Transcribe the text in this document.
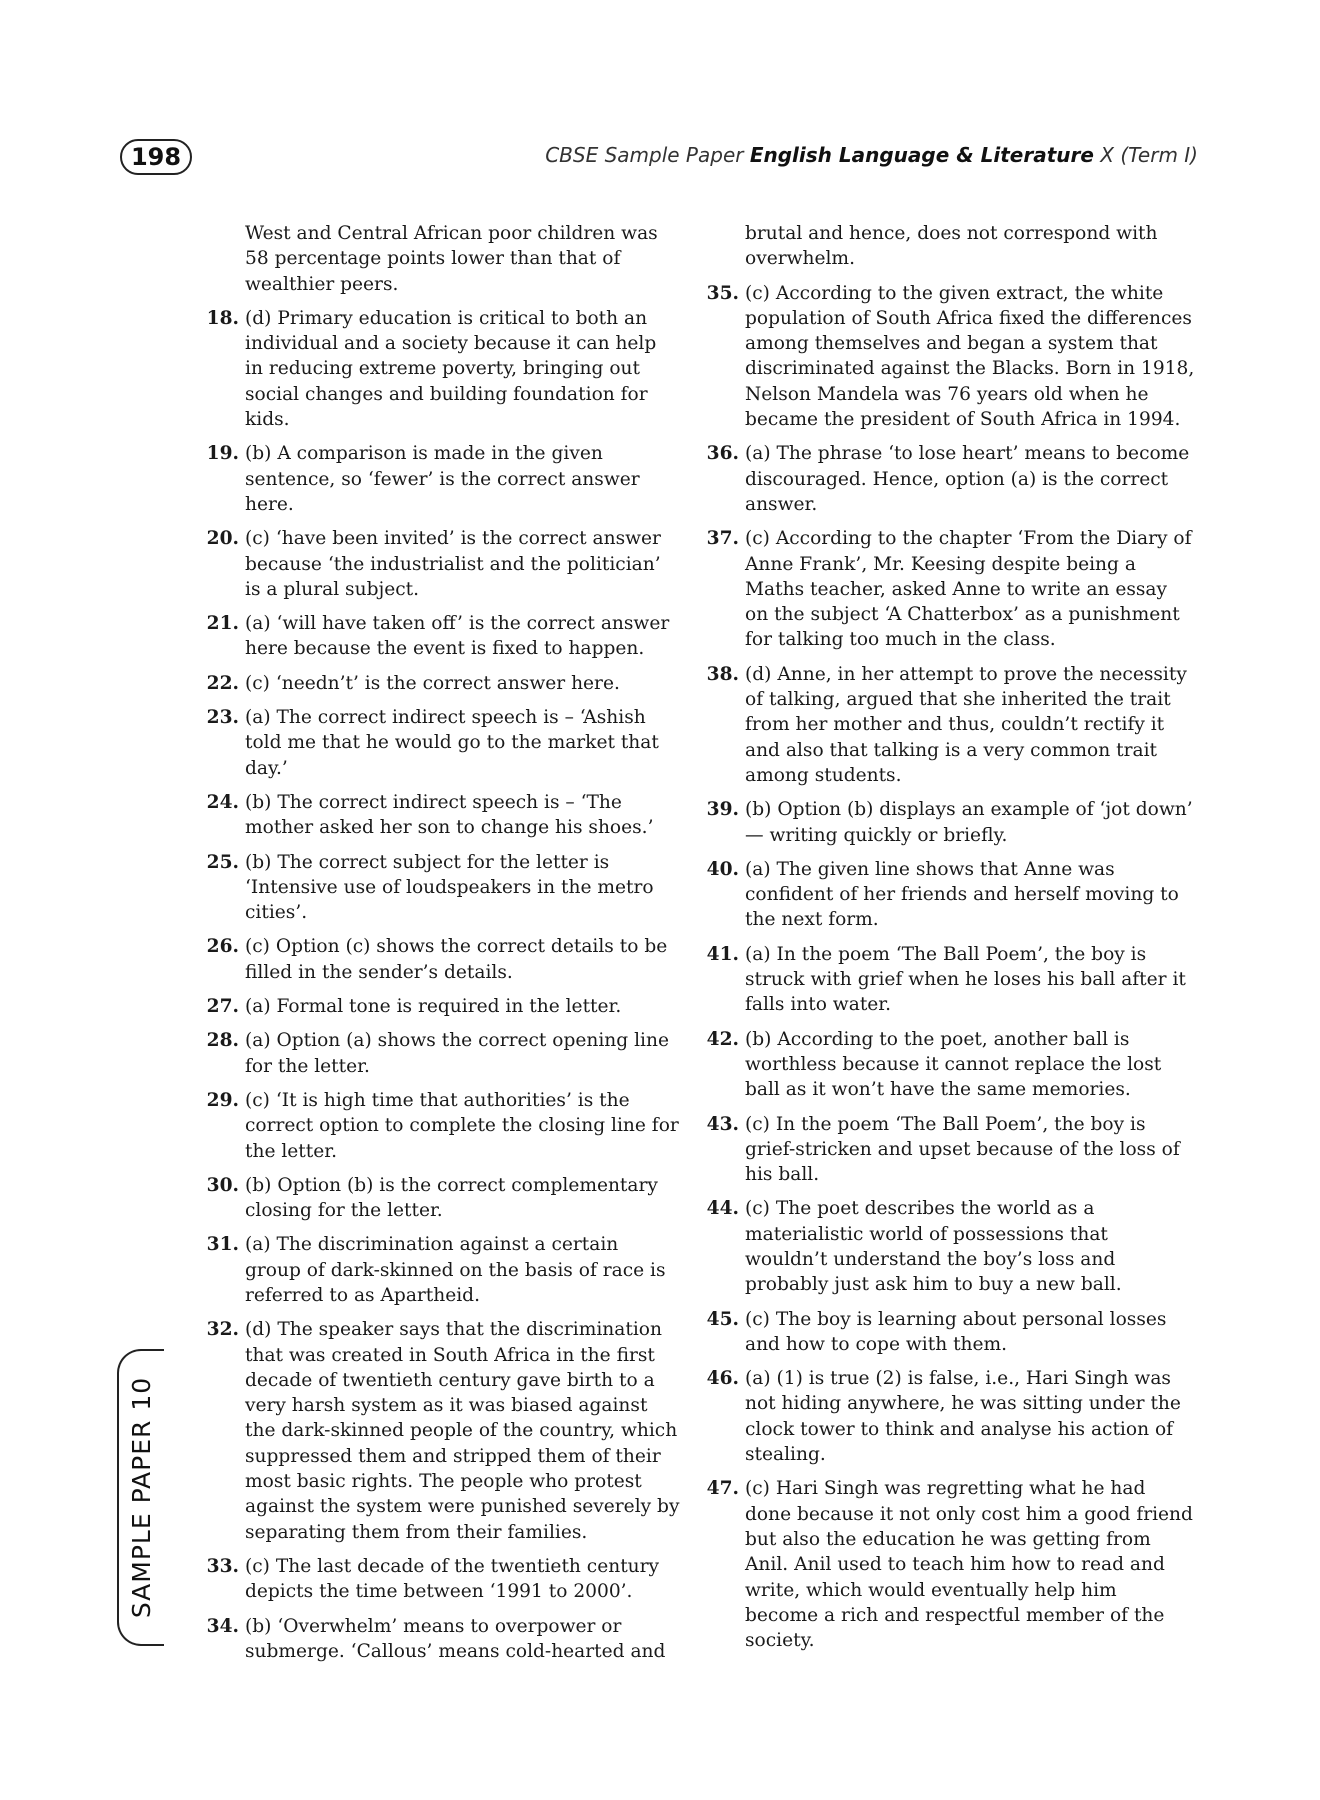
198	CBSE Sample Paper English Language & Literature X (Term I)
SAMPLE PAPER 10
West and Central African poor children was 58 percentage points lower than that of wealthier peers.
18. (d) Primary education is critical to both an individual and a society because it can help in reducing extreme poverty, bringing out social changes and building foundation for kids.
19. (b) A comparison is made in the given sentence, so ‘fewer’ is the correct answer here.
20. (c) ‘have been invited’ is the correct answer because ‘the industrialist and the politician’ is a plural subject.
21. (a) ‘will have taken off’ is the correct answer here because the event is fixed to happen.
22. (c) ‘needn’t’ is the correct answer here.
23. (a) The correct indirect speech is – ‘Ashish told me that he would go to the market that day.’
24. (b) The correct indirect speech is – ‘The mother asked her son to change his shoes.’
25. (b) The correct subject for the letter is ‘Intensive use of loudspeakers in the metro cities’.
26. (c) Option (c) shows the correct details to be filled in the sender’s details.
27. (a) Formal tone is required in the letter.
28. (a) Option (a) shows the correct opening line for the letter.
29. (c) ‘It is high time that authorities’ is the correct option to complete the closing line for the letter.
30. (b) Option (b) is the correct complementary closing for the letter.
31. (a) The discrimination against a certain group of dark-skinned on the basis of race is referred to as Apartheid.
32. (d) The speaker says that the discrimination that was created in South Africa in the first decade of twentieth century gave birth to a very harsh system as it was biased against the dark-skinned people of the country, which suppressed them and stripped them of their most basic rights. The people who protest against the system were punished severely by separating them from their families.
33. (c) The last decade of the twentieth century depicts the time between ‘1991 to 2000’.
34. (b) ‘Overwhelm’ means to overpower or submerge. ‘Callous’ means cold-hearted and
brutal and hence, does not correspond with overwhelm.
35. (c) According to the given extract, the white population of South Africa fixed the differences among themselves and began a system that discriminated against the Blacks. Born in 1918, Nelson Mandela was 76 years old when he became the president of South Africa in 1994.
36. (a) The phrase ‘to lose heart’ means to become discouraged. Hence, option (a) is the correct answer.
37. (c) According to the chapter ‘From the Diary of Anne Frank’, Mr. Keesing despite being a Maths teacher, asked Anne to write an essay on the subject ‘A Chatterbox’ as a punishment for talking too much in the class.
38. (d) Anne, in her attempt to prove the necessity of talking, argued that she inherited the trait from her mother and thus, couldn’t rectify it and also that talking is a very common trait among students.
39. (b) Option (b) displays an example of ‘jot down’ — writing quickly or briefly.
40. (a) The given line shows that Anne was confident of her friends and herself moving to the next form.
41. (a) In the poem ‘The Ball Poem’, the boy is struck with grief when he loses his ball after it falls into water.
42. (b) According to the poet, another ball is worthless because it cannot replace the lost ball as it won’t have the same memories.
43. (c) In the poem ‘The Ball Poem’, the boy is grief-stricken and upset because of the loss of his ball.
44. (c) The poet describes the world as a materialistic world of possessions that wouldn’t understand the boy’s loss and probably just ask him to buy a new ball.
45. (c) The boy is learning about personal losses and how to cope with them.
46. (a) (1) is true (2) is false, i.e., Hari Singh was not hiding anywhere, he was sitting under the clock tower to think and analyse his action of stealing.
47. (c) Hari Singh was regretting what he had done because it not only cost him a good friend but also the education he was getting from Anil. Anil used to teach him how to read and write, which would eventually help him become a rich and respectful member of the society.
